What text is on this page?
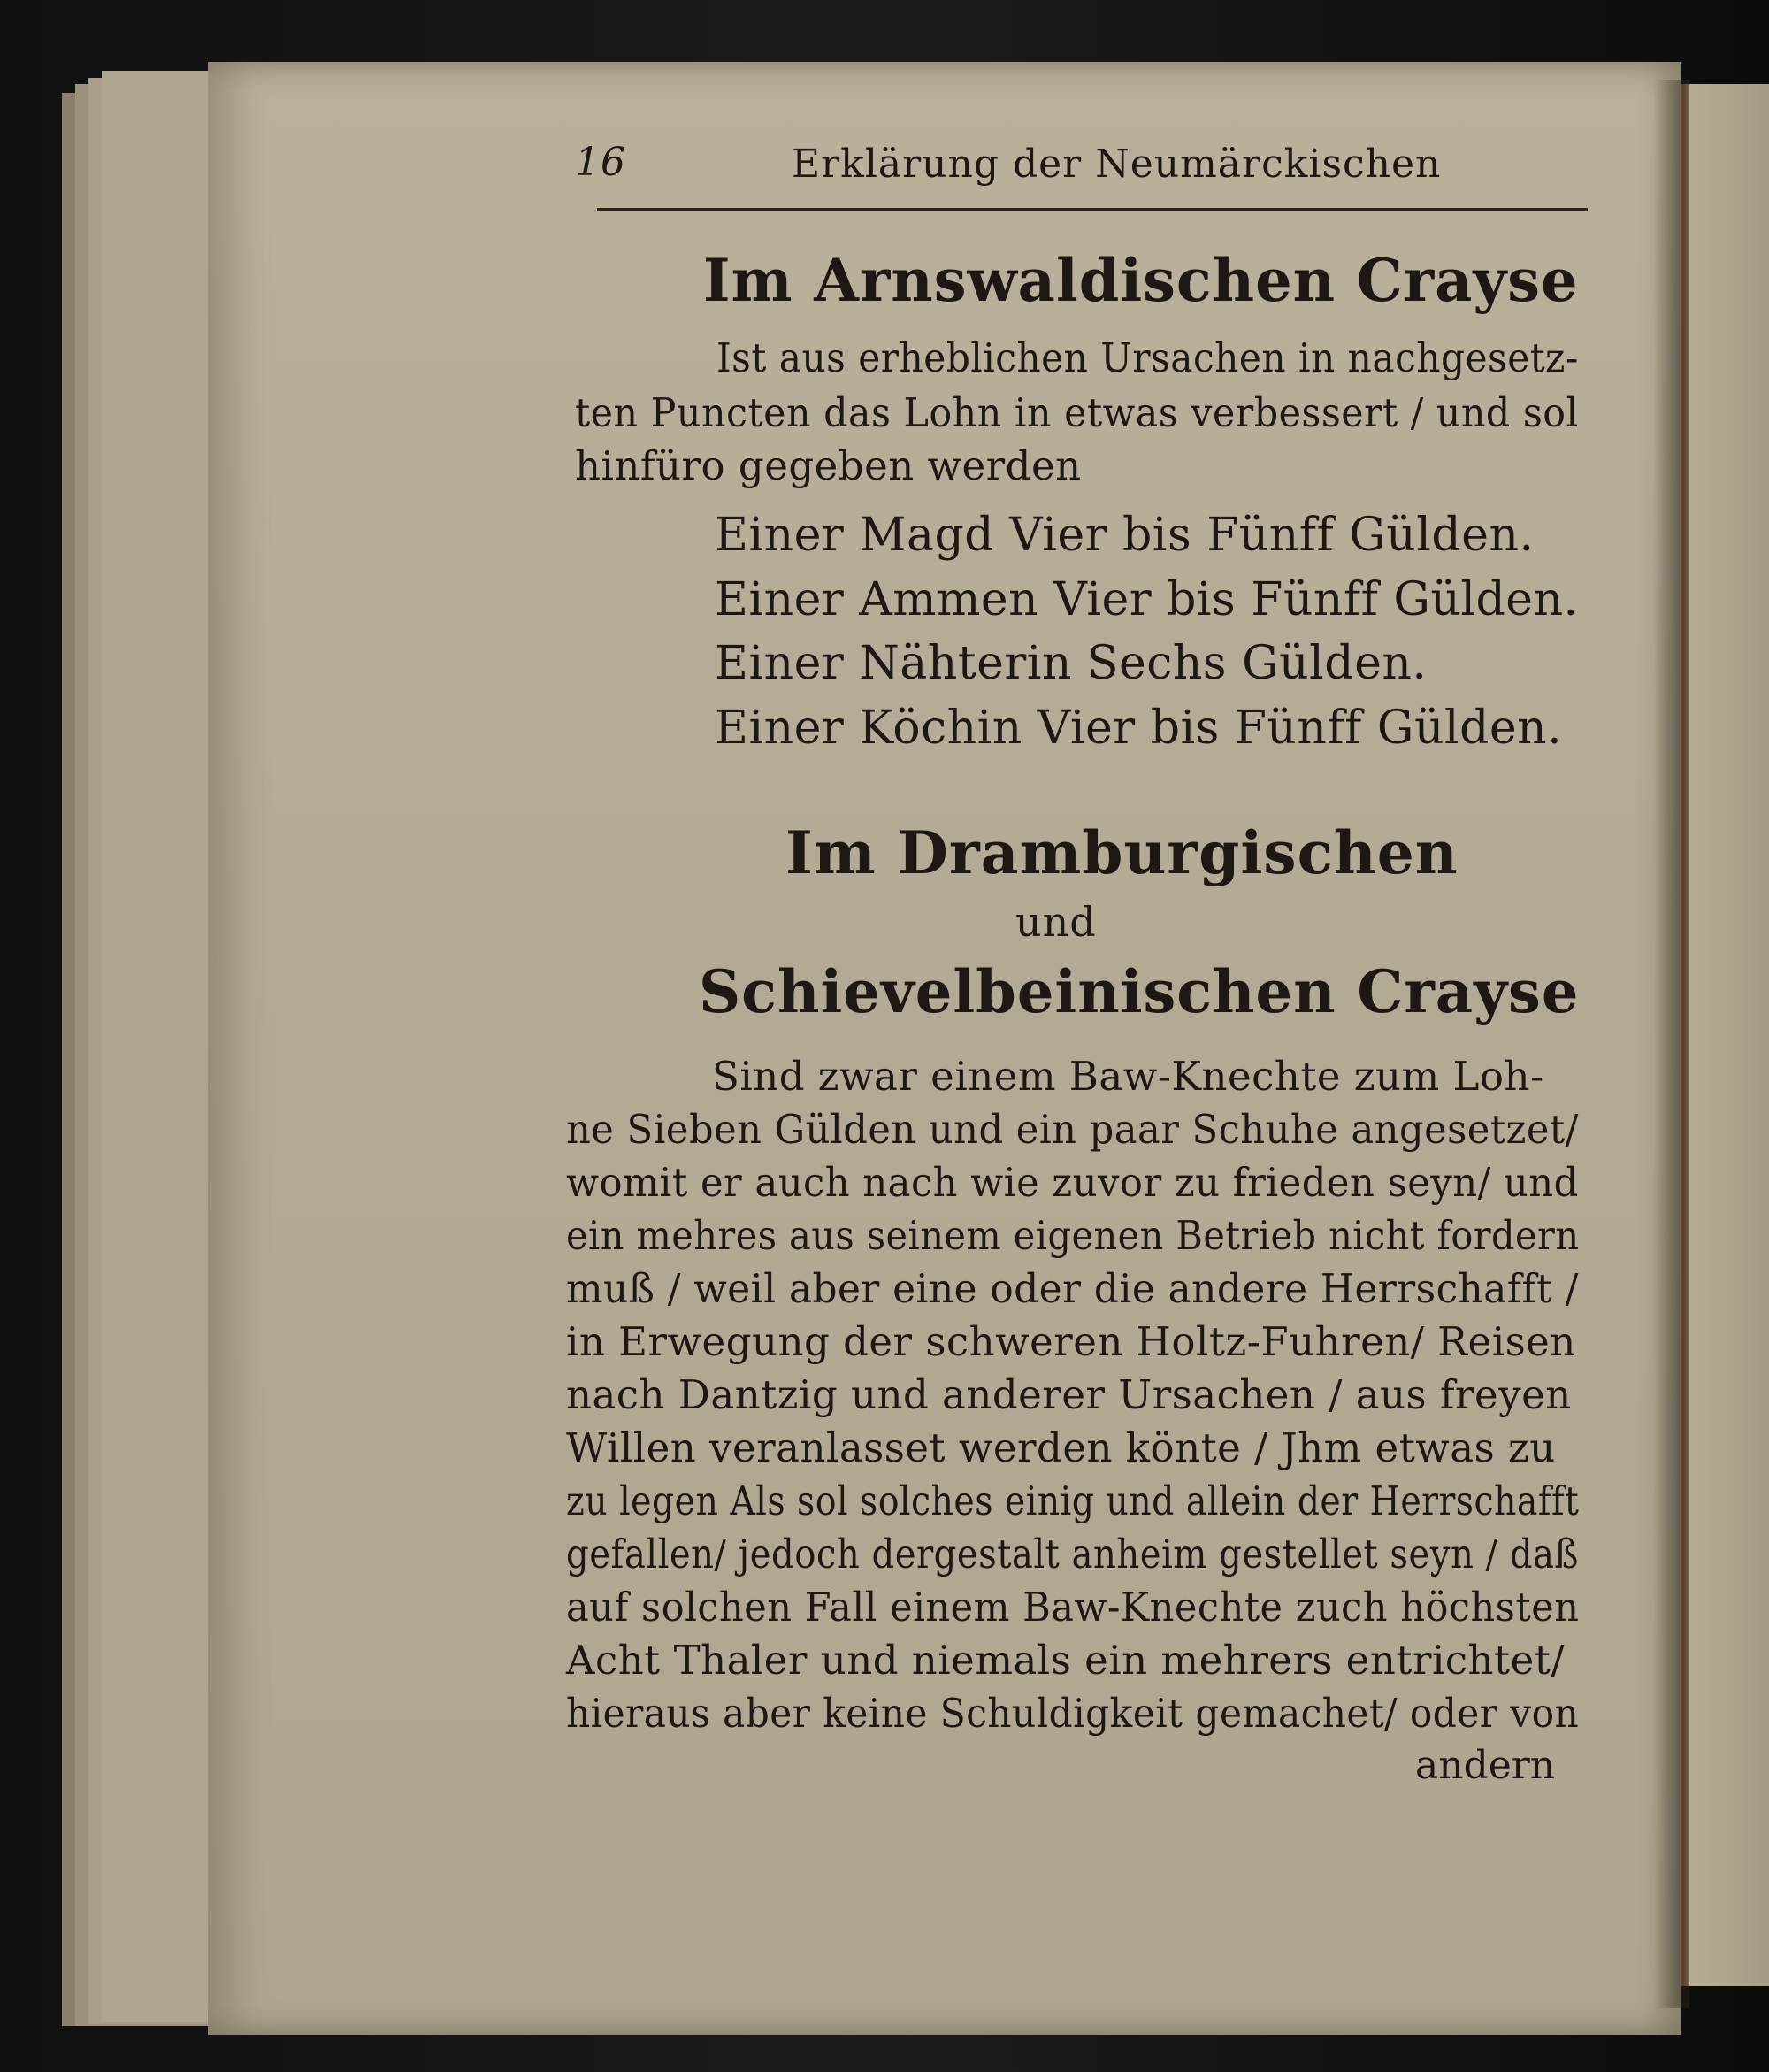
16	Erklärung der Neumärckischen
Im Arnswaldischen Crayse
Ist aus erheblichen Ursachen in nachgesetz-
ten Puncten das Lohn in etwas verbessert / und sol
hinfüro gegeben werden
Einer Magd Vier bis Fünff Gülden.
Einer Ammen Vier bis Fünff Gülden.
Einer Nähterin Sechs Gülden.
Einer Köchin Vier bis Fünff Gülden.
Im Dramburgischen
und
Schievelbeinischen Crayse
Sind zwar einem Baw-Knechte zum Loh-
ne Sieben Gülden und ein paar Schuhe angesetzet/
womit er auch nach wie zuvor zu frieden seyn/ und
ein mehres aus seinem eigenen Betrieb nicht fordern
muß / weil aber eine oder die andere Herrschafft /
in Erwegung der schweren Holtz-Fuhren/ Reisen
nach Dantzig und anderer Ursachen / aus freyen
Willen veranlasset werden könte / Jhm etwas zu
zu legen Als sol solches einig und allein der Herrschafft
gefallen/ jedoch dergestalt anheim gestellet seyn / daß
auf solchen Fall einem Baw-Knechte zuch höchsten
Acht Thaler und niemals ein mehrers entrichtet/
hieraus aber keine Schuldigkeit gemachet/ oder von
andern
